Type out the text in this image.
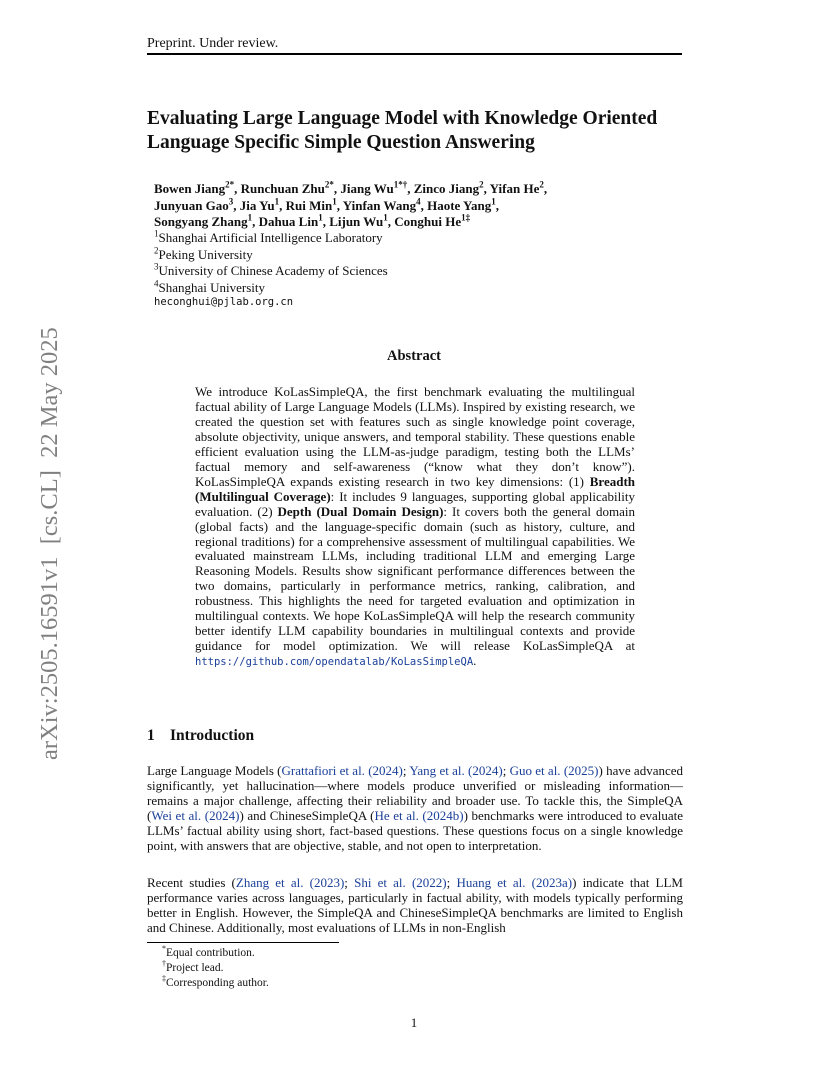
Preprint. Under review.
Evaluating Large Language Model with Knowledge Oriented
Language Specific Simple Question Answering
Bowen Jiang$^{2*}$, Runchuan Zhu$^{2*}$, Jiang $Wu^{1*\dagger}$, Zinco Jiang$^2$, Yifan He$^2$,
Junyuan Gao$^3$, Jia Yu$^1$, Rui Min$^1$, Yinfan Wang$^4$, Haote Yang$^1$,
Songyang Zhang$^1$, Dahua Lin$^1$, Lijun Wu$^1$, Conghui $He^{1\ddagger}$
$^1$Shanghai Artificial Intelligence Laboratory
$^2$Peking University
$^3$University of Chinese Academy of Sciences
$^4$Shanghai University
heconghui@pjlab.org.cn
Abstract
We introduce KoLasSimpleQA, the first benchmark evaluating the multilingual factual ability of Large Language Models (LLMs). Inspired by existing research, we created the question set with features such as single knowledge point coverage, absolute objectivity, unique answers, and temporal stability. These questions enable efficient evaluation using the LLM-as-judge paradigm, testing both the LLMs’ factual memory and self-awareness (“know what they don’t know”). KoLasSimpleQA expands existing research in two key dimensions: (1) Breadth (Multilingual Coverage): It includes 9 languages, supporting global applicability evaluation. (2) Depth (Dual Domain Design): It covers both the general domain (global facts) and the language-specific domain (such as history, culture, and regional traditions) for a comprehensive assessment of multilingual capabilities. We evaluated mainstream LLMs, including traditional LLM and emerging Large Reasoning Models. Results show significant performance differences between the two domains, particularly in performance metrics, ranking, calibration, and robustness. This highlights the need for targeted evaluation and optimization in multilingual contexts. We hope KoLasSimpleQA will help the research community better identify LLM capability boundaries in multilingual contexts and provide guidance for model optimization. We will release KoLasSimpleQA at https://github.com/opendatalab/KoLasSimpleQA.
1 Introduction
Large Language Models (Grattafiori et al. (2024); Yang et al. (2024); Guo et al. (2025)) have advanced significantly, yet hallucination—where models produce unverified or misleading information—remains a major challenge, affecting their reliability and broader use. To tackle this, the SimpleQA (Wei et al. (2024)) and ChineseSimpleQA (He et al. (2024b)) benchmarks were introduced to evaluate LLMs’ factual ability using short, fact-based questions. These questions focus on a single knowledge point, with answers that are objective, stable, and not open to interpretation.
Recent studies (Zhang et al. (2023); Shi et al. (2022); Huang et al. (2023a)) indicate that LLM performance varies across languages, particularly in factual ability, with models typically performing better in English. However, the SimpleQA and ChineseSimpleQA benchmarks are limited to English and Chinese. Additionally, most evaluations of LLMs in non-English
*Equal contribution.
†Project lead.
‡Corresponding author.
1
arXiv:2505.16591v1  [cs.CL]  22 May 2025
